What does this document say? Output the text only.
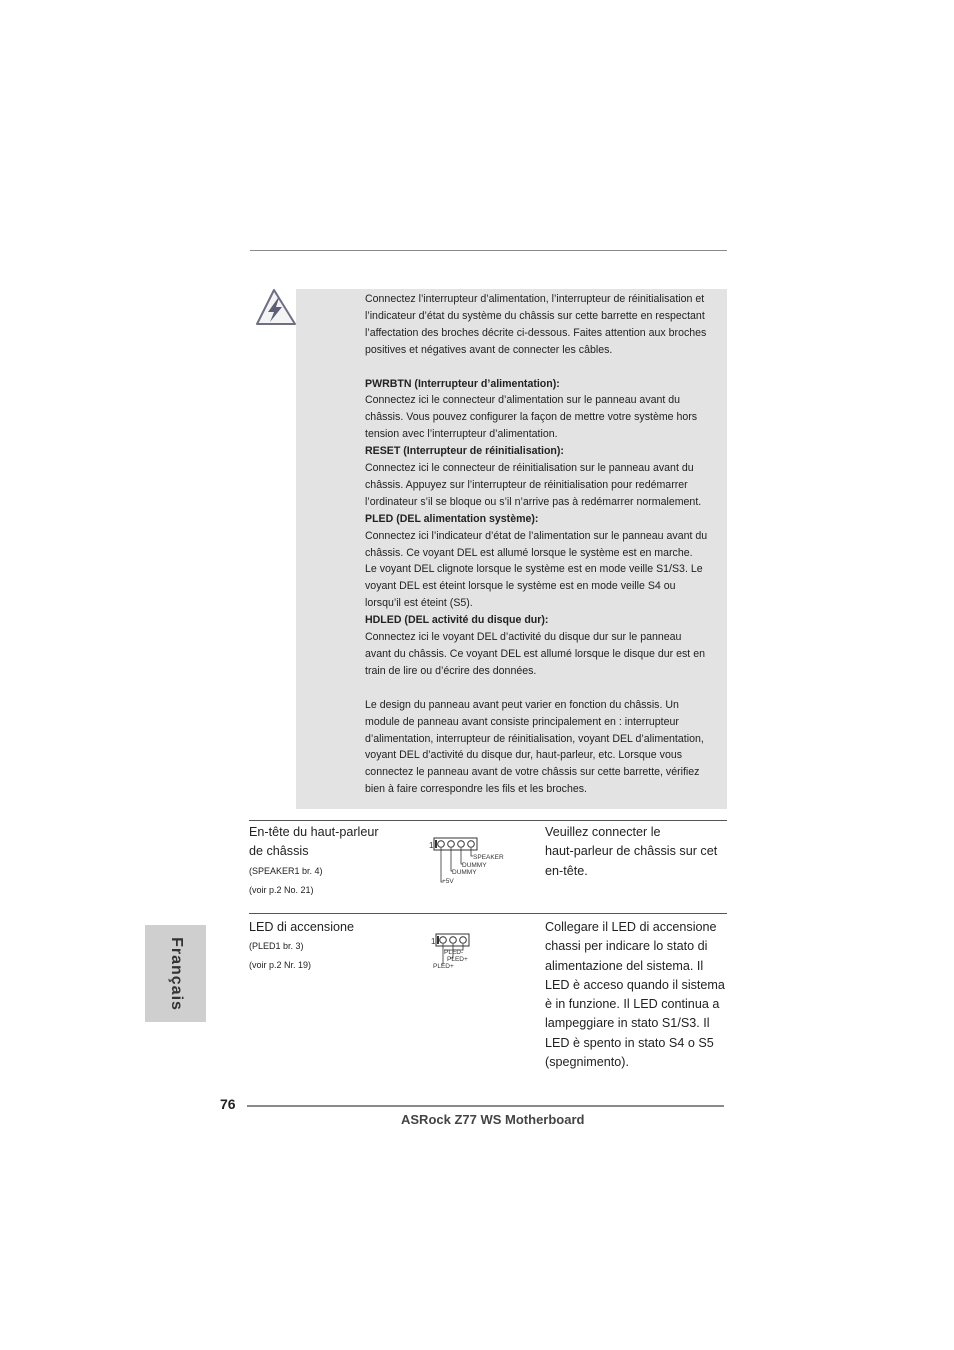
Connectez l’interrupteur d’alimentation, l’interrupteur de réinitialisation et

l’indicateur d’état du système du châssis sur cette barrette en respectant

l’affectation des broches décrite ci-dessous. Faites attention aux broches

positives et négatives avant de connecter les câbles.

PWRBTN (Interrupteur d’alimentation):

Connectez ici le connecteur d’alimentation sur le panneau avant du

châssis. Vous pouvez configurer la façon de mettre votre système hors

tension avec l’interrupteur d’alimentation.

RESET (Interrupteur de réinitialisation):

Connectez ici le connecteur de réinitialisation sur le panneau avant du

châssis. Appuyez sur l’interrupteur de réinitialisation pour redémarrer

l’ordinateur s’il se bloque ou s’il n’arrive pas à redémarrer normalement.

PLED (DEL alimentation système):

Connectez ici l’indicateur d’état de l’alimentation sur le panneau avant du

châssis. Ce voyant DEL est allumé lorsque le système est en marche.

Le voyant DEL clignote lorsque le système est en mode veille S1/S3. Le

voyant DEL est éteint lorsque le système est en mode veille S4 ou

lorsqu’il est éteint (S5).

HDLED (DEL activité du disque dur):

Connectez ici le voyant DEL d’activité du disque dur sur le panneau

avant du châssis. Ce voyant DEL est allumé lorsque le disque dur est en

train de lire ou d’écrire des données.

Le design du panneau avant peut varier en fonction du châssis. Un

module de panneau avant consiste principalement en : interrupteur

d’alimentation, interrupteur de réinitialisation, voyant DEL d’alimentation,

voyant DEL d’activité du disque dur, haut-parleur, etc. Lorsque vous

connectez le panneau avant de votre châssis sur cette barrette, vérifiez

bien à faire correspondre les fils et les broches.

En-tête du haut-parleur
de châssis
(SPEAKER1 br. 4)
(voir p.2 No. 21)
1
SPEAKER
DUMMY
DUMMY
+5V
Veuillez connecter le
haut-parleur de châssis sur cet
en-tête.
LED di accensione
(PLED1 br. 3)
(voir p.2 Nr. 19)
1
PLED-
PLED+
PLED+
Collegare il LED di accensione
chassi per indicare lo stato di
alimentazione del sistema. Il
LED è acceso quando il sistema
è in funzione. Il LED continua a
lampeggiare in stato S1/S3. Il
LED è spento in stato S4 o S5
(spegnimento).
Français
76
ASRock Z77 WS Motherboard
